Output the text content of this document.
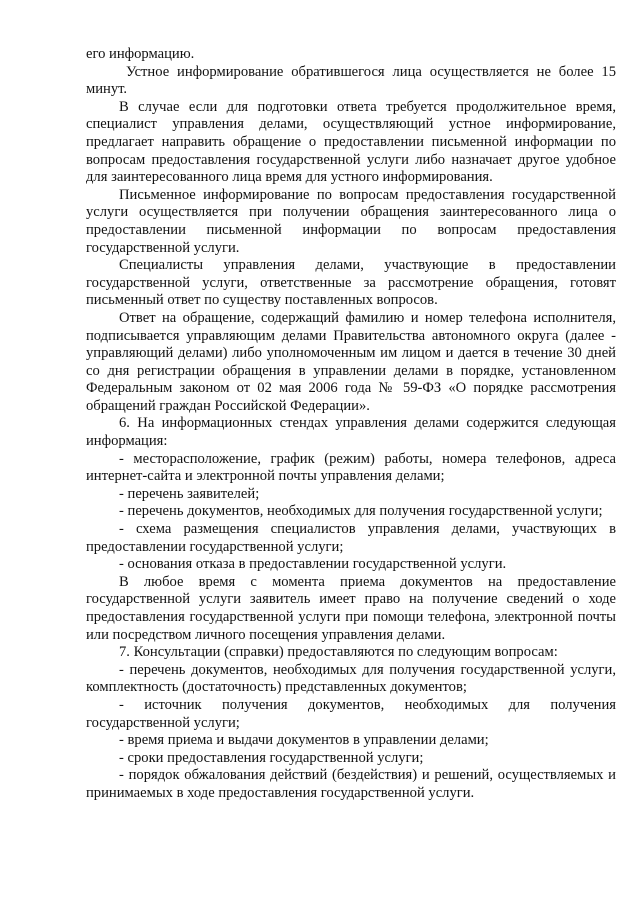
его информацию.

Устное информирование обратившегося лица осуществляется не более 15 минут.

В случае если для подготовки ответа требуется продолжительное время, специалист управления делами, осуществляющий устное информирование, предлагает направить обращение о предоставлении письменной информации по вопросам предоставления государственной услуги либо назначает другое удобное для заинтересованного лица время для устного информирования.

Письменное информирование по вопросам предоставления государственной услуги осуществляется при получении обращения заинтересованного лица о предоставлении письменной информации по вопросам предоставления государственной услуги.

Специалисты управления делами, участвующие в предоставлении государственной услуги, ответственные за рассмотрение обращения, готовят письменный ответ по существу поставленных вопросов.

Ответ на обращение, содержащий фамилию и номер телефона исполнителя, подписывается управляющим делами Правительства автономного округа (далее - управляющий делами) либо уполномоченным им лицом и дается в течение 30 дней со дня регистрации обращения в управлении делами в порядке, установленном Федеральным законом от 02 мая 2006 года № 59-ФЗ «О порядке рассмотрения обращений граждан Российской Федерации».

6. На информационных стендах управления делами содержится следующая информация:

- месторасположение, график (режим) работы, номера телефонов, адреса интернет-сайта и электронной почты управления делами;

- перечень заявителей;

- перечень документов, необходимых для получения государственной услуги;

- схема размещения специалистов управления делами, участвующих в предоставлении государственной услуги;

- основания отказа в предоставлении государственной услуги.

В любое время с момента приема документов на предоставление государственной услуги заявитель имеет право на получение сведений о ходе предоставления государственной услуги при помощи телефона, электронной почты или посредством личного посещения управления делами.

7. Консультации (справки) предоставляются по следующим вопросам:

- перечень документов, необходимых для получения государственной услуги, комплектность (достаточность) представленных документов;

- источник получения документов, необходимых для получения государственной услуги;

- время приема и выдачи документов в управлении делами;

- сроки предоставления государственной услуги;

- порядок обжалования действий (бездействия) и решений, осуществляемых и принимаемых в ходе предоставления государственной услуги.
